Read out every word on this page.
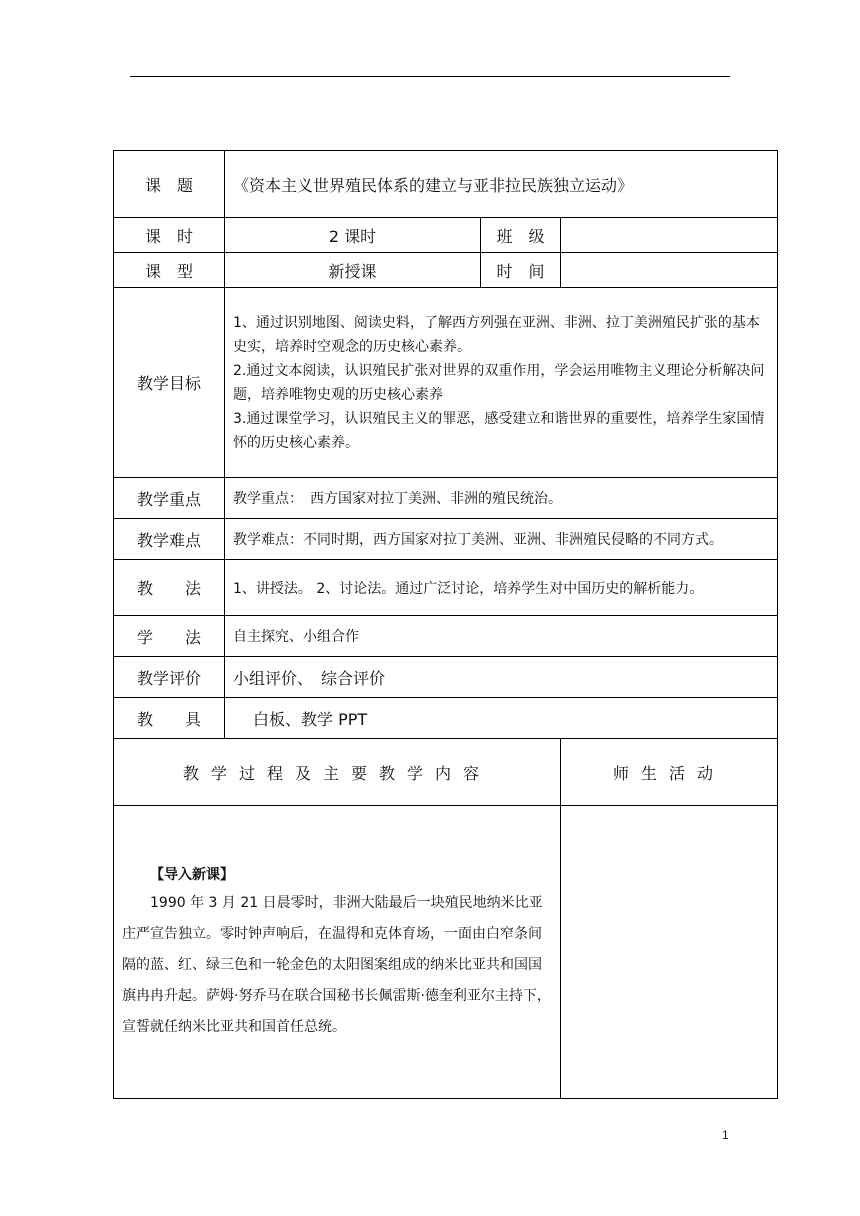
课　题	《资本主义世界殖民体系的建立与亚非拉民族独立运动》		
课　时	2 课时	班　级	
课　型	新授课	时　间	
教学目标	1、通过识别地图、阅读史料，了解西方列强在亚洲、非洲、拉丁美洲殖民扩张的基本史实，培养时空观念的历史核心素养。

2.通过文本阅读，认识殖民扩张对世界的双重作用，学会运用唯物主义理论分析解决问题，培养唯物史观的历史核心素养

3.通过课堂学习，认识殖民主义的罪恶，感受建立和谐世界的重要性，培养学生家国情怀的历史核心素养。		

教学重点	教学重点：　西方国家对拉丁美洲、非洲的殖民统治。		
教学难点	教学难点：不同时期，西方国家对拉丁美洲、亚洲、非洲殖民侵略的不同方式。		
教　　法	1、讲授法。 2、讨论法。通过广泛讨论，培养学生对中国历史的解析能力。		
学　　法	自主探究、小组合作		
教学评价	小组评价、　综合评价		
教　　具	白板、教学 PPT		
教学过程及主要教学内容			师生活动

【导入新课】

1990 年 3 月 21 日晨零时，非洲大陆最后一块殖民地纳米比亚庄严宣告独立。零时钟声响后，在温得和克体育场，一面由白窄条间隔的蓝、红、绿三色和一轮金色的太阳图案组成的纳米比亚共和国国旗冉冉升起。萨姆·努乔马在联合国秘书长佩雷斯·德奎利亚尔主持下，宣誓就任纳米比亚共和国首任总统。			

1
